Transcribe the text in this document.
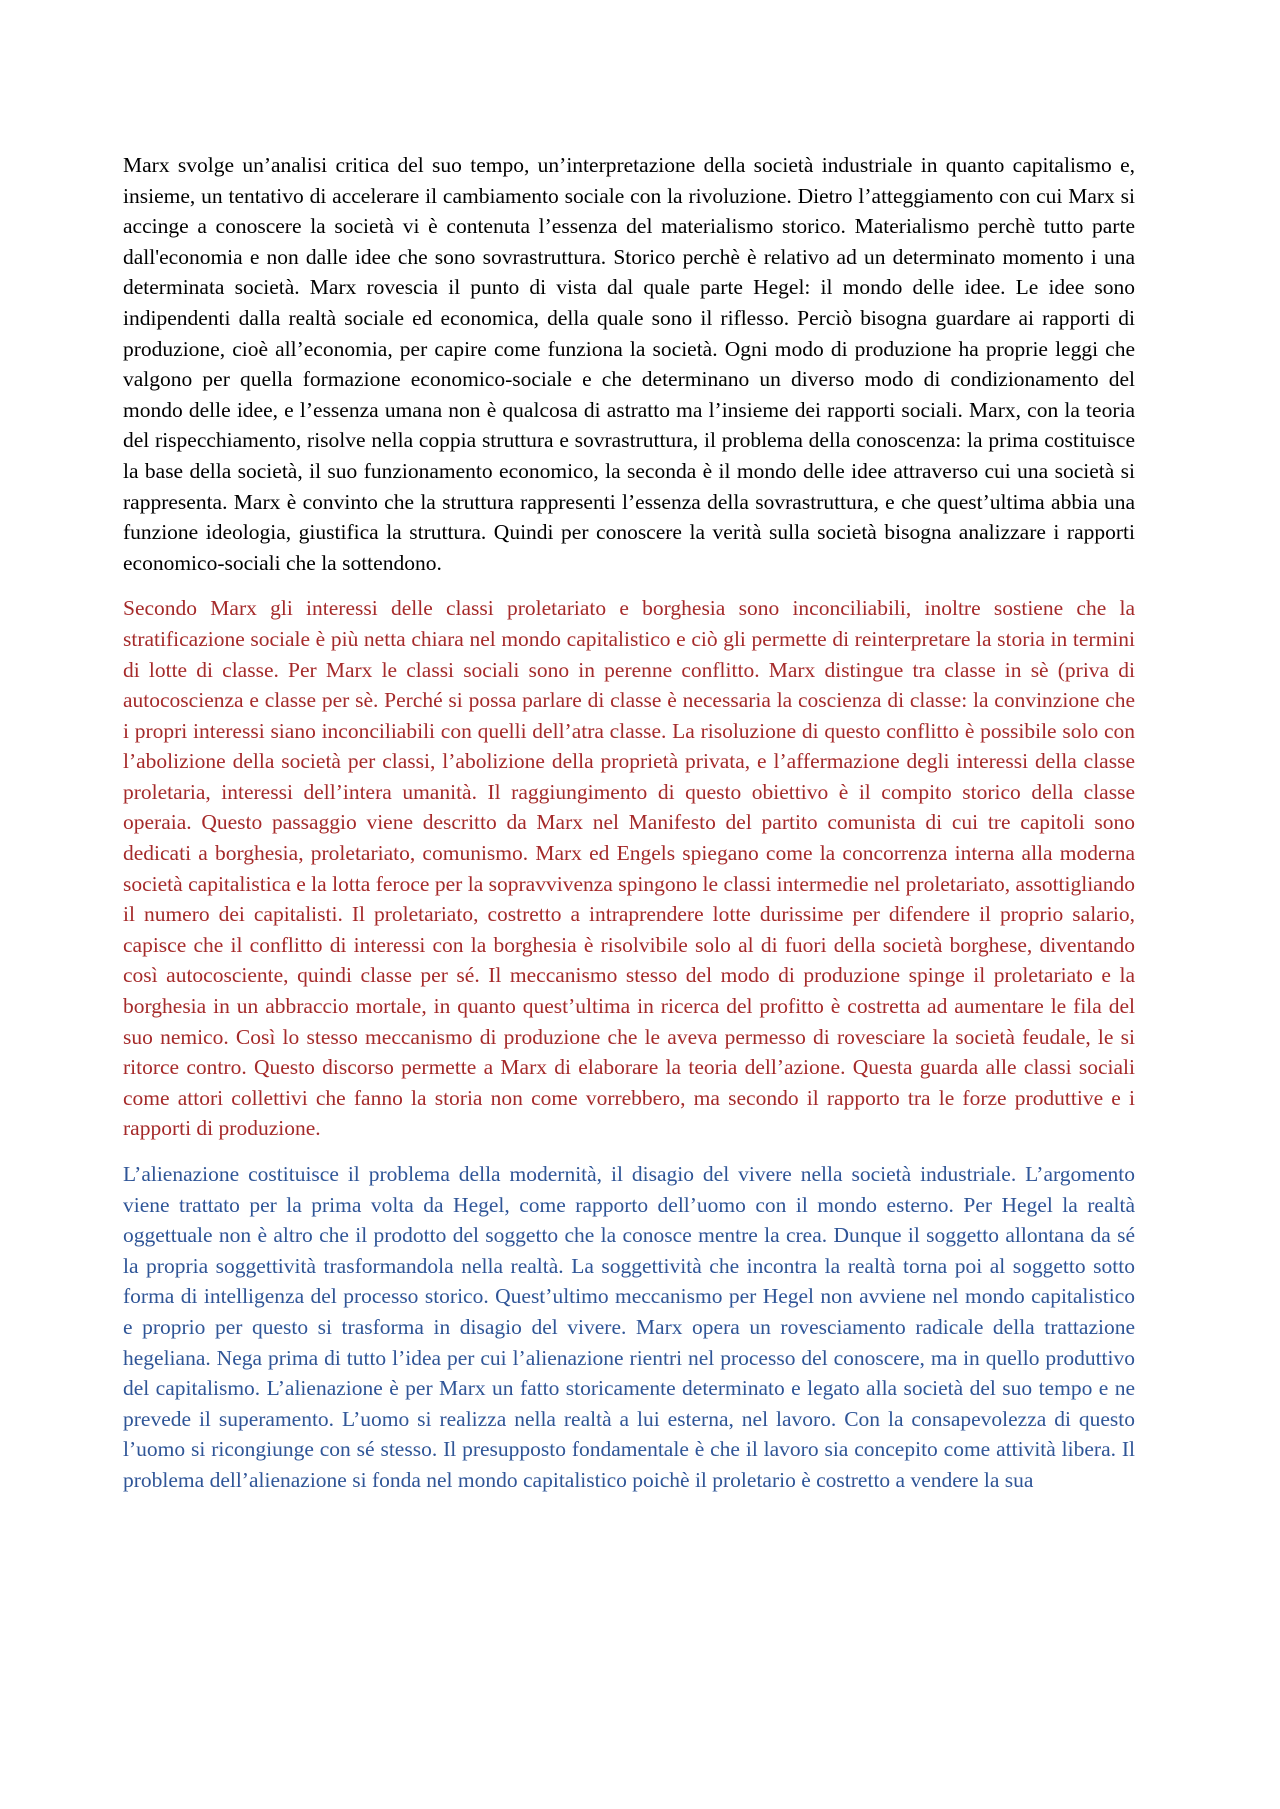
Marx svolge un’analisi critica del suo tempo, un’interpretazione della società industriale in quanto capitalismo e, insieme, un tentativo di accelerare il cambiamento sociale con la rivoluzione. Dietro l’atteggiamento con cui Marx si accinge a conoscere la società vi è contenuta l’essenza del materialismo storico. Materialismo perchè tutto parte dall'economia e non dalle idee che sono sovrastruttura. Storico perchè è relativo ad un determinato momento i una determinata società. Marx rovescia il punto di vista dal quale parte Hegel: il mondo delle idee. Le idee sono indipendenti dalla realtà sociale ed economica, della quale sono il riflesso. Perciò bisogna guardare ai rapporti di produzione, cioè all’economia, per capire come funziona la società. Ogni modo di produzione ha proprie leggi che valgono per quella formazione economico-sociale e che determinano un diverso modo di condizionamento del mondo delle idee, e l’essenza umana non è qualcosa di astratto ma l’insieme dei rapporti sociali. Marx, con la teoria del rispecchiamento, risolve nella coppia struttura e sovrastruttura, il problema della conoscenza: la prima costituisce la base della società, il suo funzionamento economico, la seconda è il mondo delle idee attraverso cui una società si rappresenta. Marx è convinto che la struttura rappresenti l’essenza della sovrastruttura, e che quest’ultima abbia una funzione ideologia, giustifica la struttura. Quindi per conoscere la verità sulla società bisogna analizzare i rapporti economico-sociali che la sottendono.

Secondo Marx gli interessi delle classi proletariato e borghesia sono inconciliabili, inoltre sostiene che la stratificazione sociale è più netta chiara nel mondo capitalistico e ciò gli permette di reinterpretare la storia in termini di lotte di classe. Per Marx le classi sociali sono in perenne conflitto. Marx distingue tra classe in sè (priva di autocoscienza e classe per sè. Perché si possa parlare di classe è necessaria la coscienza di classe: la convinzione che i propri interessi siano inconciliabili con quelli dell’atra classe. La risoluzione di questo conflitto è possibile solo con l’abolizione della società per classi, l’abolizione della proprietà privata, e l’affermazione degli interessi della classe proletaria, interessi dell’intera umanità. Il raggiungimento di questo obiettivo è il compito storico della classe operaia. Questo passaggio viene descritto da Marx nel Manifesto del partito comunista di cui tre capitoli sono dedicati a borghesia, proletariato, comunismo. Marx ed Engels spiegano come la concorrenza interna alla moderna società capitalistica e la lotta feroce per la sopravvivenza spingono le classi intermedie nel proletariato, assottigliando il numero dei capitalisti. Il proletariato, costretto a intraprendere lotte durissime per difendere il proprio salario, capisce che il conflitto di interessi con la borghesia è risolvibile solo al di fuori della società borghese, diventando così autocosciente, quindi classe per sé. Il meccanismo stesso del modo di produzione spinge il proletariato e la borghesia in un abbraccio mortale, in quanto quest’ultima in ricerca del profitto è costretta ad aumentare le fila del suo nemico. Così lo stesso meccanismo di produzione che le aveva permesso di rovesciare la società feudale, le si ritorce contro. Questo discorso permette a Marx di elaborare la teoria dell’azione. Questa guarda alle classi sociali come attori collettivi che fanno la storia non come vorrebbero, ma secondo il rapporto tra le forze produttive e i rapporti di produzione.

L’alienazione costituisce il problema della modernità, il disagio del vivere nella società industriale. L’argomento viene trattato per la prima volta da Hegel, come rapporto dell’uomo con il mondo esterno. Per Hegel la realtà oggettuale non è altro che il prodotto del soggetto che la conosce mentre la crea. Dunque il soggetto allontana da sé la propria soggettività trasformandola nella realtà. La soggettività che incontra la realtà torna poi al soggetto sotto forma di intelligenza del processo storico. Quest’ultimo meccanismo per Hegel non avviene nel mondo capitalistico e proprio per questo si trasforma in disagio del vivere. Marx opera un rovesciamento radicale della trattazione hegeliana. Nega prima di tutto l’idea per cui l’alienazione rientri nel processo del conoscere, ma in quello produttivo del capitalismo. L’alienazione è per Marx un fatto storicamente determinato e legato alla società del suo tempo e ne prevede il superamento. L’uomo si realizza nella realtà a lui esterna, nel lavoro. Con la consapevolezza di questo l’uomo si ricongiunge con sé stesso. Il presupposto fondamentale è che il lavoro sia concepito come attività libera. Il problema dell’alienazione si fonda nel mondo capitalistico poichè il proletario è costretto a vendere la sua
